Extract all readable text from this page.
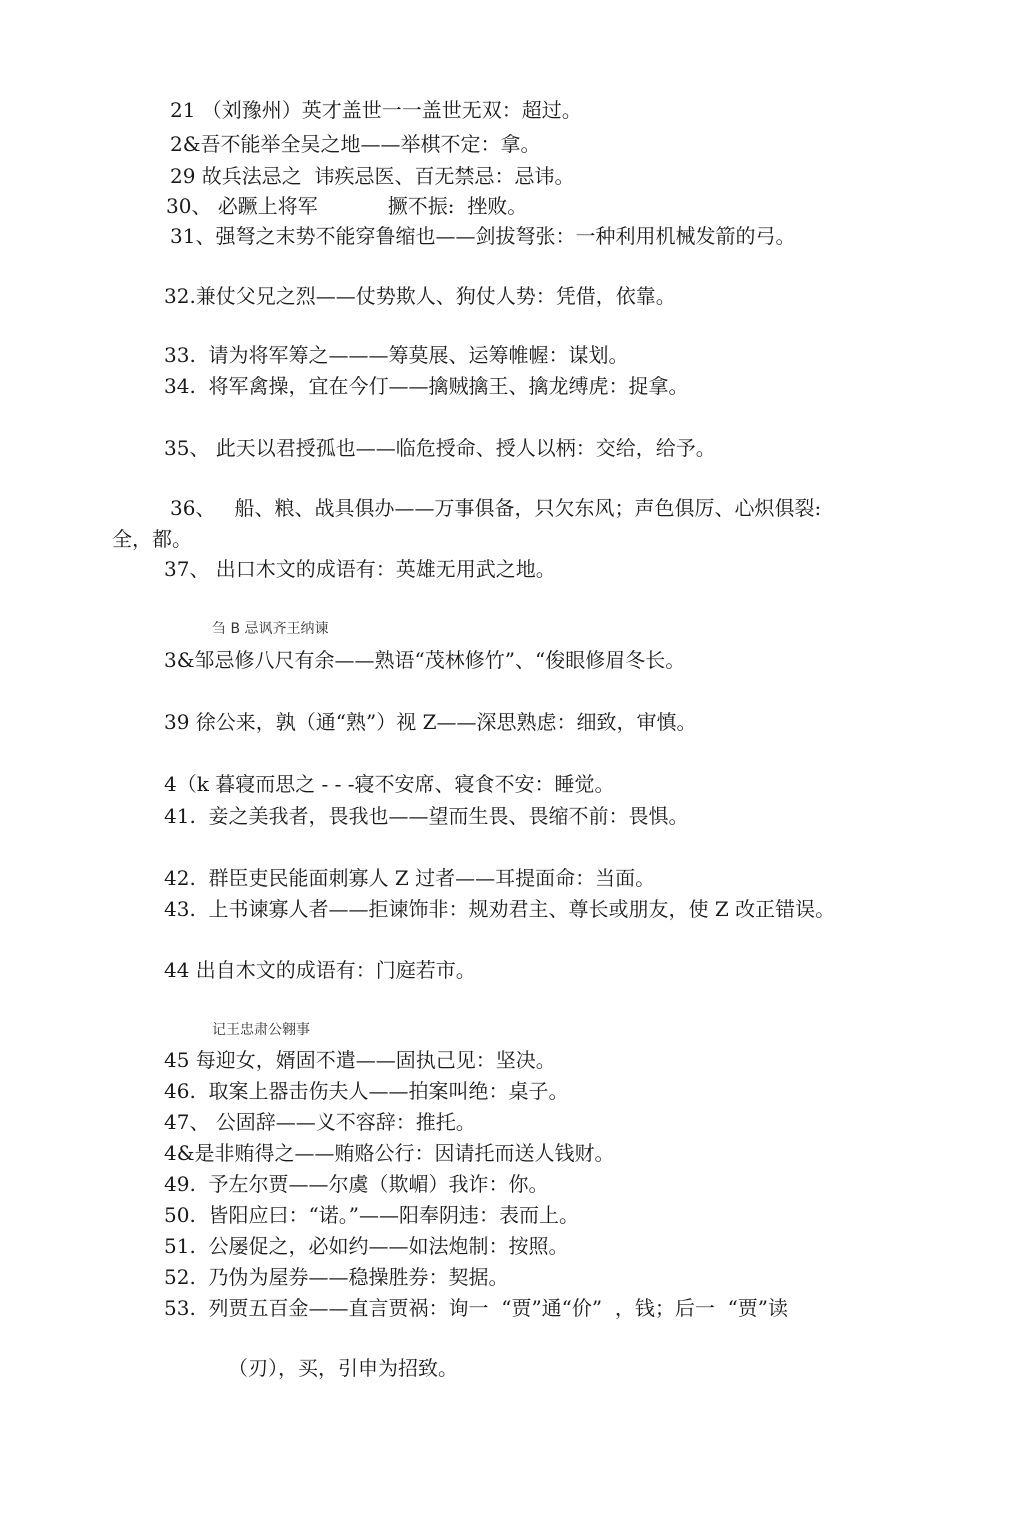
21 （刘豫州）英才盖世一一盖世无双：超过。
2&吾不能举全吴之地——举棋不定：拿。
29 故兵法忌之  讳疾忌医、百无禁忌：忌讳。
30、 必蹶上将军           撅不振:  挫败。
31、强弩之末势不能穿鲁缩也——剑拔弩张：一种利用机械发箭的弓。
32.兼仗父兄之烈——仗势欺人、狗仗人势：凭借，依靠。
33.  请为将军筹之———筹莫展、运筹帷幄：谋划。
34.  将军禽操，宜在今仃——擒贼擒王、擒龙缚虎：捉拿。
35、 此天以君授孤也——临危授命、授人以柄：交给，给予。
36、   船、粮、战具俱办——万事俱备，只欠东风；声色俱厉、心炽俱裂:
全，都。
37、 出口木文的成语有：英雄无用武之地。
刍 B 忌讽齐王纳谏
3&邹忌修八尺有余——熟语“茂林修竹”、“俊眼修眉冬长。
39 徐公来，孰（通“熟”）视 Z——深思熟虑：细致，审慎。
4（k 暮寝而思之 - - -寝不安席、寝食不安：睡觉。
41.  妾之美我者，畏我也——望而生畏、畏缩不前：畏惧。
42.  群臣吏民能面刺寡人 Z 过者——耳提面命：当面。
43.  上书谏寡人者——拒谏饰非：规劝君主、尊长或朋友，使 Z 改正错误。
44 出自木文的成语有：门庭若市。
记王忠肃公翱事
45 每迎女，婿固不遣——固执己见：坚决。
46.  取案上器击伤夫人——拍案叫绝：桌子。
47、 公固辞——义不容辞：推托。
4&是非贿得之——贿赂公行：因请托而送人钱财。
49.  予左尔贾——尔虞（欺嵋）我诈：你。
50.  皆阳应曰：“诺。”——阳奉阴违：表而上。
51.  公屡促之，必如约——如法炮制：按照。
52.  乃伪为屋券——稳操胜券：契据。
53.  列贾五百金——直言贾祸：询一  “贾”通“价”  ，钱；后一  “贾”读
（刃），买，引申为招致。
